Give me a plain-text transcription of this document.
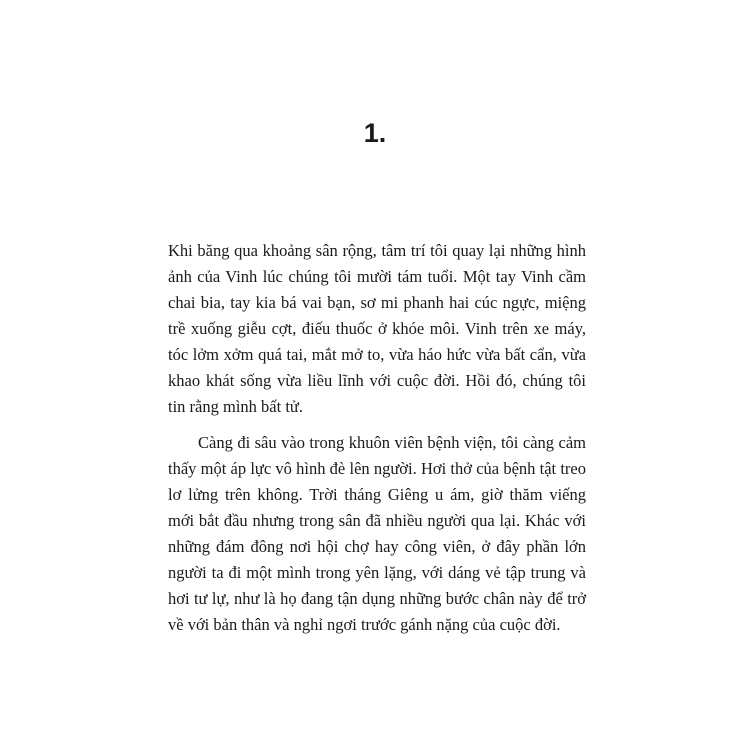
1.

Khi băng qua khoảng sân rộng, tâm trí tôi quay lại những hình ảnh của Vinh lúc chúng tôi mười tám tuổi. Một tay Vinh cầm chai bia, tay kia bá vai bạn, sơ mi phanh hai cúc ngực, miệng trề xuống giễu cợt, điếu thuốc ở khóe môi. Vinh trên xe máy, tóc lởm xởm quá tai, mắt mở to, vừa háo hức vừa bất cẩn, vừa khao khát sống vừa liều lĩnh với cuộc đời. Hồi đó, chúng tôi tin rằng mình bất tử.

Càng đi sâu vào trong khuôn viên bệnh viện, tôi càng cảm thấy một áp lực vô hình đè lên người. Hơi thở của bệnh tật treo lơ lửng trên không. Trời tháng Giêng u ám, giờ thăm viếng mới bắt đầu nhưng trong sân đã nhiều người qua lại. Khác với những đám đông nơi hội chợ hay công viên, ở đây phần lớn người ta đi một mình trong yên lặng, với dáng vẻ tập trung và hơi tư lự, như là họ đang tận dụng những bước chân này để trở về với bản thân và nghỉ ngơi trước gánh nặng của cuộc đời.
